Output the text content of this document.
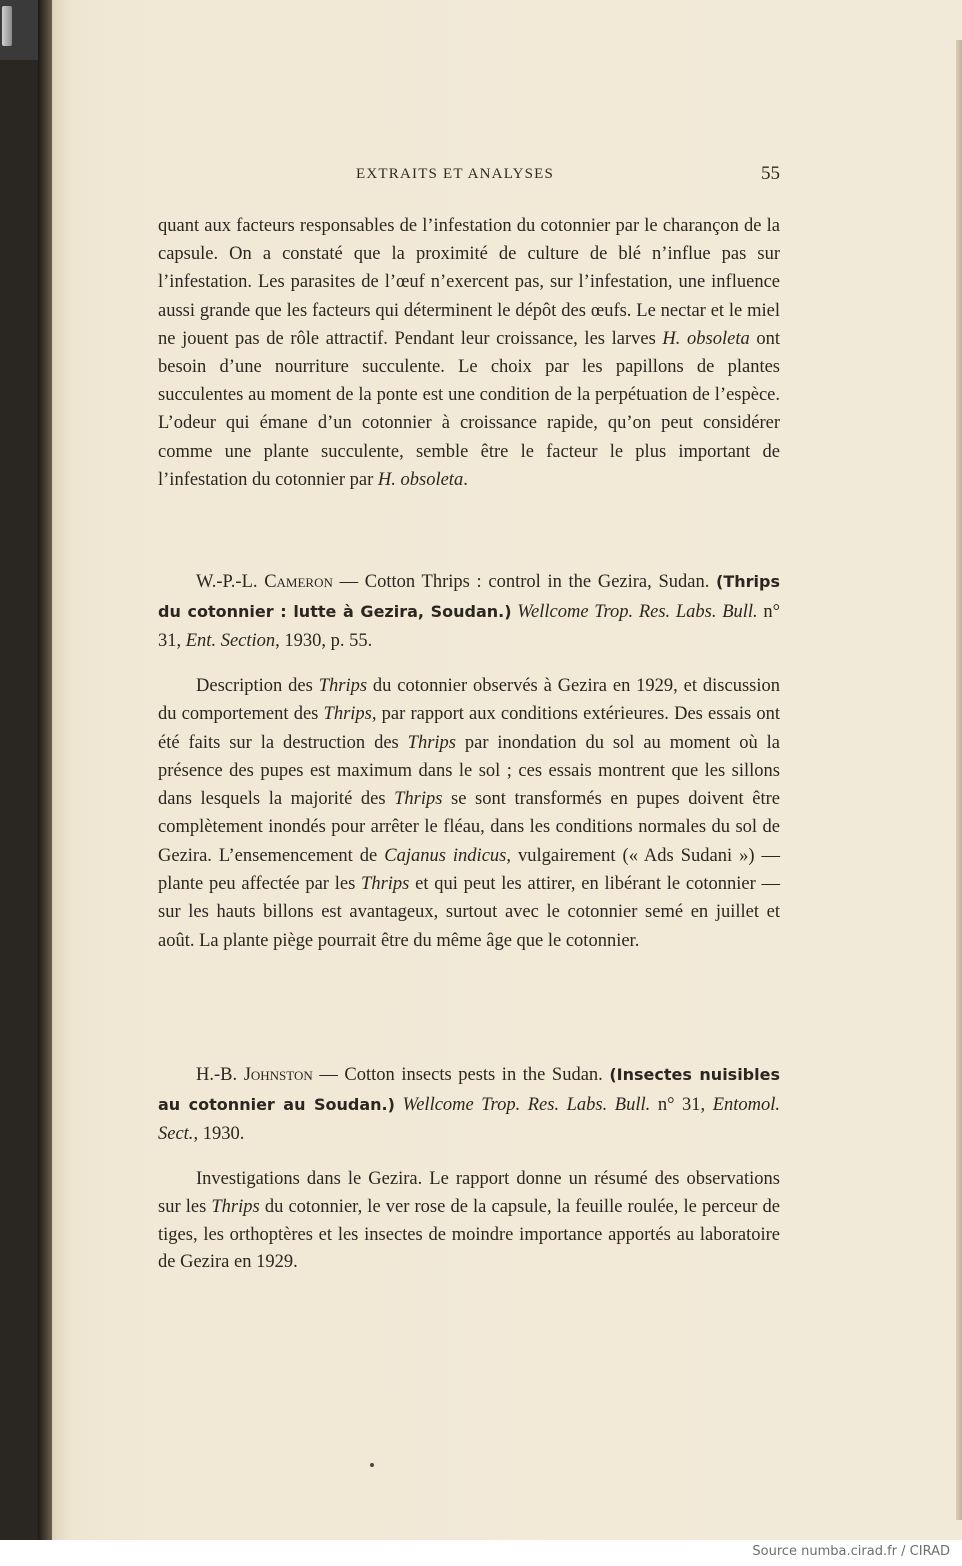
EXTRAITS ET ANALYSES	55

quant aux facteurs responsables de l’infestation du cotonnier par le charançon de la capsule. On a constaté que la proximité de culture de blé n’influe pas sur l’infestation. Les parasites de l’œuf n’exercent pas, sur l’infestation, une influence aussi grande que les facteurs qui déterminent le dépôt des œufs. Le nectar et le miel ne jouent pas de rôle attractif. Pendant leur croissance, les larves H. obsoleta ont besoin d’une nourriture succulente. Le choix par les papillons de plantes succulentes au moment de la ponte est une condition de la perpétuation de l’espèce. L’odeur qui émane d’un cotonnier à croissance rapide, qu’on peut considérer comme une plante succulente, semble être le facteur le plus important de l’infestation du cotonnier par H. obsoleta.

W.-P.-L. Cameron — Cotton Thrips : control in the Gezira, Sudan. (Thrips du cotonnier : lutte à Gezira, Soudan.) Wellcome Trop. Res. Labs. Bull. n° 31, Ent. Section, 1930, p. 55.

Description des Thrips du cotonnier observés à Gezira en 1929, et discussion du comportement des Thrips, par rapport aux conditions extérieures. Des essais ont été faits sur la destruction des Thrips par inondation du sol au moment où la présence des pupes est maximum dans le sol ; ces essais montrent que les sillons dans lesquels la majorité des Thrips se sont transformés en pupes doivent être complètement inondés pour arrêter le fléau, dans les conditions normales du sol de Gezira. L’ensemencement de Cajanus indicus, vulgairement (« Ads Sudani ») — plante peu affectée par les Thrips et qui peut les attirer, en libérant le cotonnier — sur les hauts billons est avantageux, surtout avec le cotonnier semé en juillet et août. La plante piège pourrait être du même âge que le cotonnier.

H.-B. Johnston — Cotton insects pests in the Sudan. (Insectes nuisibles au cotonnier au Soudan.) Wellcome Trop. Res. Labs. Bull. n° 31, Entomol. Sect., 1930.

Investigations dans le Gezira. Le rapport donne un résumé des observations sur les Thrips du cotonnier, le ver rose de la capsule, la feuille roulée, le perceur de tiges, les orthoptères et les insectes de moindre importance apportés au laboratoire de Gezira en 1929.

Source numba.cirad.fr / CIRAD
